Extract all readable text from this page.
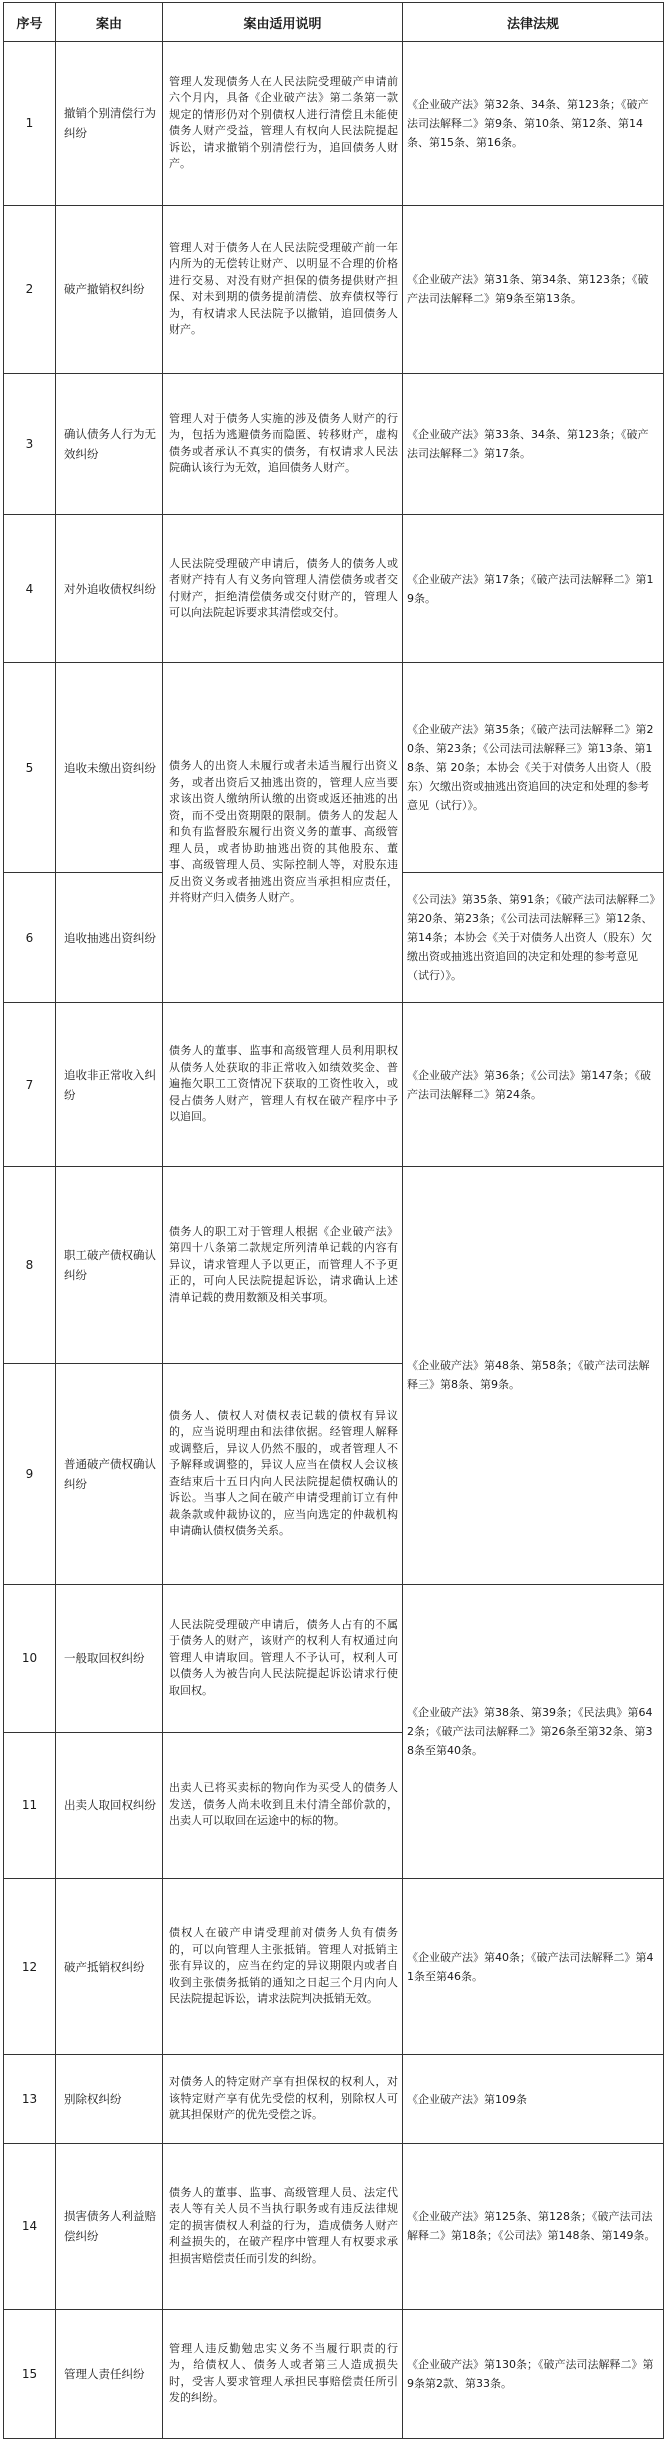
序号	案由	案由适用说明	法律法规
1	撤销个别清偿行为纠纷	管理人发现债务人在人民法院受理破产申请前六个月内，具备《企业破产法》第二条第一款规定的情形仍对个别债权人进行清偿且未能使债务人财产受益，管理人有权向人民法院提起诉讼，请求撤销个别清偿行为，追回债务人财产。	《企业破产法》第32条、34条、第123条；《破产法司法解释二》第9条、第10条、第12条、第14条、第15条、第16条。
2	破产撤销权纠纷	管理人对于债务人在人民法院受理破产前一年内所为的无偿转让财产、以明显不合理的价格进行交易、对没有财产担保的债务提供财产担保、对未到期的债务提前清偿、放弃债权等行为，有权请求人民法院予以撤销，追回债务人财产。	《企业破产法》第31条、第34条、第123条；《破产法司法解释二》第9条至第13条。
3	确认债务人行为无效纠纷	管理人对于债务人实施的涉及债务人财产的行为，包括为逃避债务而隐匿、转移财产，虚构债务或者承认不真实的债务，有权请求人民法院确认该行为无效，追回债务人财产。	《企业破产法》第33条、34条、第123条；《破产法司法解释二》第17条。
4	对外追收债权纠纷	人民法院受理破产申请后，债务人的债务人或者财产持有人有义务向管理人清偿债务或者交付财产，拒绝清偿债务或交付财产的，管理人可以向法院起诉要求其清偿或交付。	《企业破产法》第17条；《破产法司法解释二》第19条。
5	追收未缴出资纠纷	债务人的出资人未履行或者未适当履行出资义务，或者出资后又抽逃出资的，管理人应当要求该出资人缴纳所认缴的出资或返还抽逃的出资，而不受出资期限的限制。债务人的发起人和负有监督股东履行出资义务的董事、高级管理人员，或者协助抽逃出资的其他股东、董事、高级管理人员、实际控制人等，对股东违反出资义务或者抽逃出资应当承担相应责任，并将财产归入债务人财产。	《企业破产法》第35条；《破产法司法解释二》第20条、第23条；《公司法司法解释三》第13条、第18条、第 20条；本协会《关于对债务人出资人（股东）欠缴出资或抽逃出资追回的决定和处理的参考意见（试行）》。
6	追收抽逃出资纠纷		《公司法》第35条、第91条；《破产法司法解释二》第20条、第23条；《公司法司法解释三》第12条、第14条；本协会《关于对债务人出资人（股东）欠缴出资或抽逃出资追回的决定和处理的参考意见（试行）》。
7	追收非正常收入纠纷	债务人的董事、监事和高级管理人员利用职权从债务人处获取的非正常收入如绩效奖金、普遍拖欠职工工资情况下获取的工资性收入，或侵占债务人财产，管理人有权在破产程序中予以追回。	《企业破产法》第36条；《公司法》第147条；《破产法司法解释二》第24条。
8	职工破产债权确认纠纷	债务人的职工对于管理人根据《企业破产法》第四十八条第二款规定所列清单记载的内容有异议，请求管理人予以更正，而管理人不予更正的，可向人民法院提起诉讼，请求确认上述清单记载的费用数额及相关事项。	《企业破产法》第48条、第58条；《破产法司法解释三》第8条、第9条。
9	普通破产债权确认纠纷	债务人、债权人对债权表记载的债权有异议的，应当说明理由和法律依据。经管理人解释或调整后，异议人仍然不服的，或者管理人不予解释或调整的，异议人应当在债权人会议核查结束后十五日内向人民法院提起债权确认的诉讼。当事人之间在破产申请受理前订立有仲裁条款或仲裁协议的，应当向选定的仲裁机构申请确认债权债务关系。	
10	一般取回权纠纷	人民法院受理破产申请后，债务人占有的不属于债务人的财产，该财产的权利人有权通过向管理人申请取回。管理人不予认可，权利人可以债务人为被告向人民法院提起诉讼请求行使取回权。	《企业破产法》第38条、第39条；《民法典》第642条；《破产法司法解释二》第26条至第32条、第38条至第40条。
11	出卖人取回权纠纷	出卖人已将买卖标的物向作为买受人的债务人发送，债务人尚未收到且未付清全部价款的，出卖人可以取回在运途中的标的物。	
12	破产抵销权纠纷	债权人在破产申请受理前对债务人负有债务的，可以向管理人主张抵销。管理人对抵销主张有异议的，应当在约定的异议期限内或者自收到主张债务抵销的通知之日起三个月内向人民法院提起诉讼，请求法院判决抵销无效。	《企业破产法》第40条；《破产法司法解释二》第41条至第46条。
13	别除权纠纷	对债务人的特定财产享有担保权的权利人，对该特定财产享有优先受偿的权利，别除权人可就其担保财产的优先受偿之诉。	《企业破产法》第109条
14	损害债务人利益赔偿纠纷	债务人的董事、监事、高级管理人员、法定代表人等有关人员不当执行职务或有违反法律规定的损害债权人利益的行为，造成债务人财产利益损失的，在破产程序中管理人有权要求承担损害赔偿责任而引发的纠纷。	《企业破产法》第125条、第128条；《破产法司法解释二》第18条；《公司法》第148条、第149条。
15	管理人责任纠纷	管理人违反勤勉忠实义务不当履行职责的行为，给债权人、债务人或者第三人造成损失时，受害人要求管理人承担民事赔偿责任所引发的纠纷。	《企业破产法》第130条；《破产法司法解释二》第9条第2款、第33条。
